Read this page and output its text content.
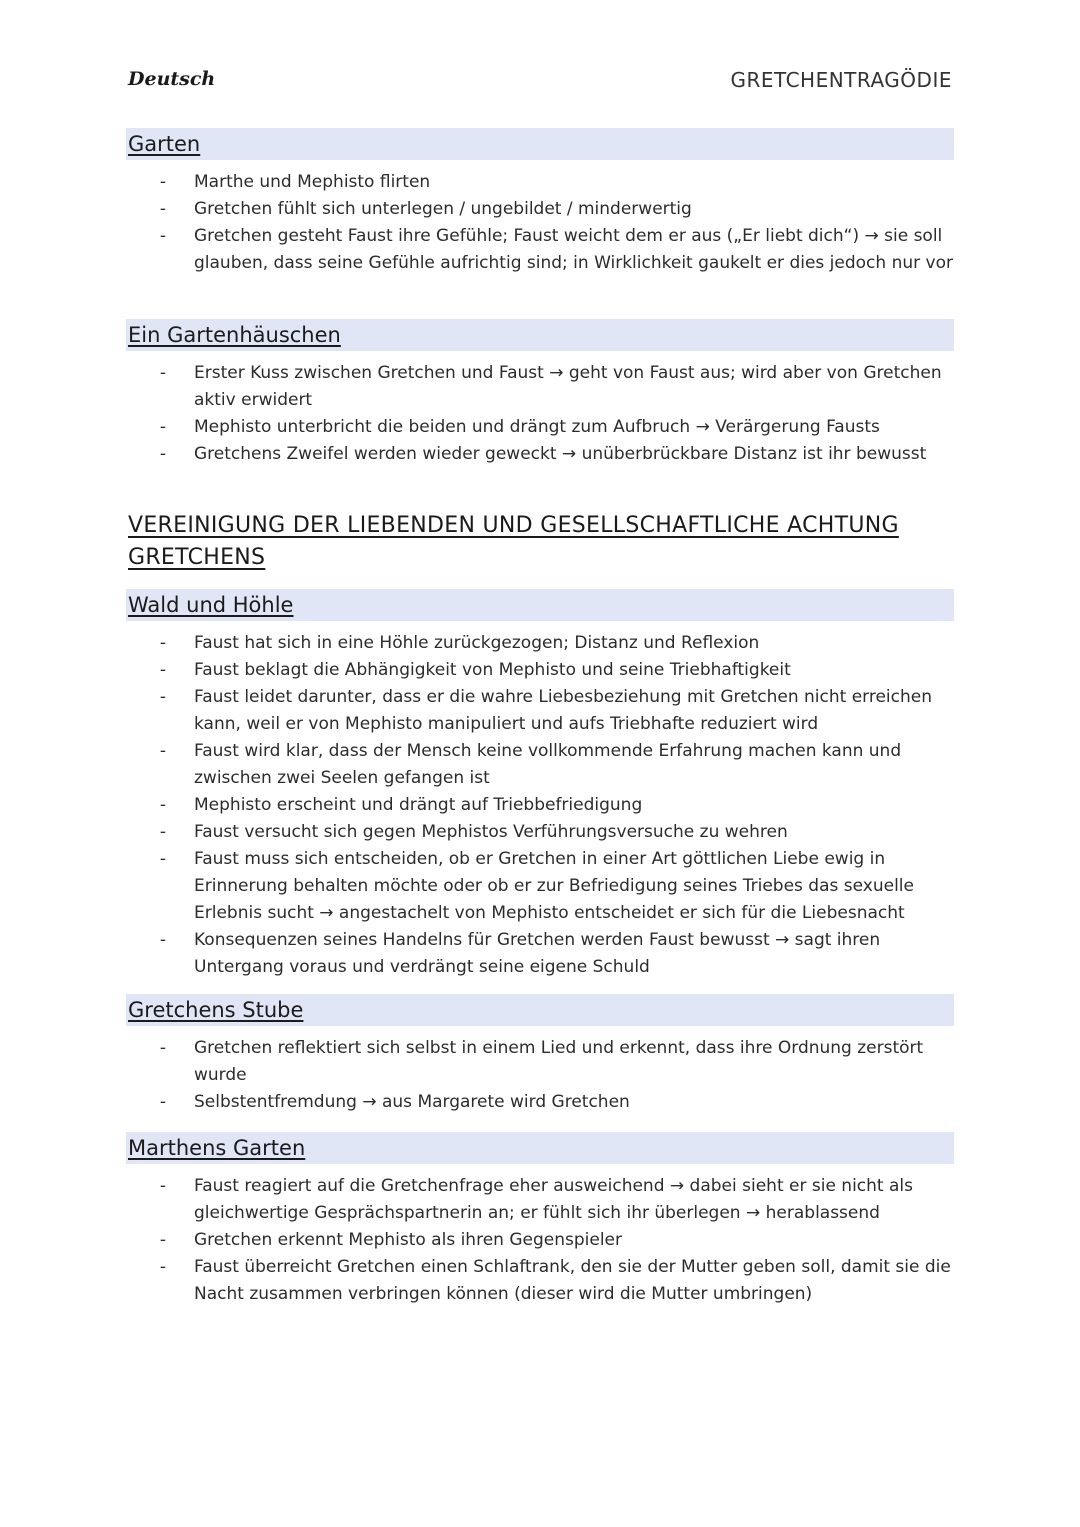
Deutsch	GRETCHENTRAGÖDIE
Garten
- Marthe und Mephisto flirten
- Gretchen fühlt sich unterlegen / ungebildet / minderwertig
- Gretchen gesteht Faust ihre Gefühle; Faust weicht dem er aus („Er liebt dich“) → sie soll glauben, dass seine Gefühle aufrichtig sind; in Wirklichkeit gaukelt er dies jedoch nur vor
Ein Gartenhäuschen
- Erster Kuss zwischen Gretchen und Faust → geht von Faust aus; wird aber von Gretchen aktiv erwidert
- Mephisto unterbricht die beiden und drängt zum Aufbruch → Verärgerung Fausts
- Gretchens Zweifel werden wieder geweckt → unüberbrückbare Distanz ist ihr bewusst
VEREINIGUNG DER LIEBENDEN UND GESELLSCHAFTLICHE ACHTUNG GRETCHENS
Wald und Höhle
- Faust hat sich in eine Höhle zurückgezogen; Distanz und Reflexion
- Faust beklagt die Abhängigkeit von Mephisto und seine Triebhaftigkeit
- Faust leidet darunter, dass er die wahre Liebesbeziehung mit Gretchen nicht erreichen kann, weil er von Mephisto manipuliert und aufs Triebhafte reduziert wird
- Faust wird klar, dass der Mensch keine vollkommende Erfahrung machen kann und zwischen zwei Seelen gefangen ist
- Mephisto erscheint und drängt auf Triebbefriedigung
- Faust versucht sich gegen Mephistos Verführungsversuche zu wehren
- Faust muss sich entscheiden, ob er Gretchen in einer Art göttlichen Liebe ewig in Erinnerung behalten möchte oder ob er zur Befriedigung seines Triebes das sexuelle Erlebnis sucht → angestachelt von Mephisto entscheidet er sich für die Liebesnacht
- Konsequenzen seines Handelns für Gretchen werden Faust bewusst → sagt ihren Untergang voraus und verdrängt seine eigene Schuld
Gretchens Stube
- Gretchen reflektiert sich selbst in einem Lied und erkennt, dass ihre Ordnung zerstört wurde
- Selbstentfremdung → aus Margarete wird Gretchen
Marthens Garten
- Faust reagiert auf die Gretchenfrage eher ausweichend → dabei sieht er sie nicht als gleichwertige Gesprächspartnerin an; er fühlt sich ihr überlegen → herablassend
- Gretchen erkennt Mephisto als ihren Gegenspieler
- Faust überreicht Gretchen einen Schlaftrank, den sie der Mutter geben soll, damit sie die Nacht zusammen verbringen können (dieser wird die Mutter umbringen)
